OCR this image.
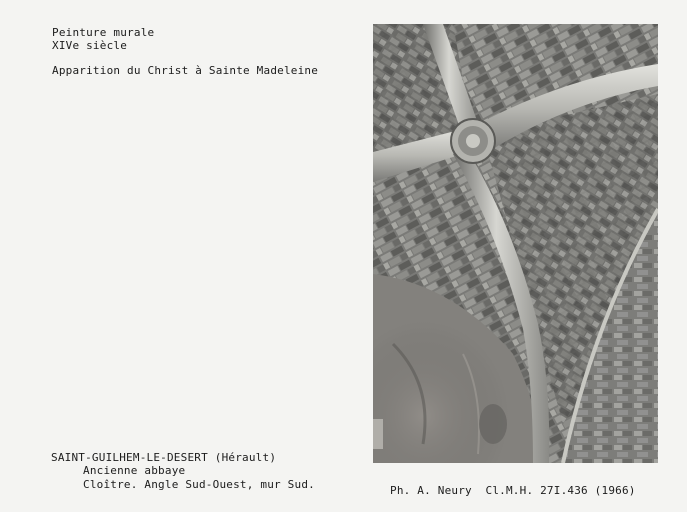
Peinture murale
XIVe siècle
Apparition du Christ à Sainte Madeleine
SAINT-GUILHEM-LE-DESERT (Hérault)
Ancienne abbaye
Cloître. Angle Sud-Ouest, mur Sud.	Ph. A. Neury  Cl.M.H. 27I.436 (1966)
